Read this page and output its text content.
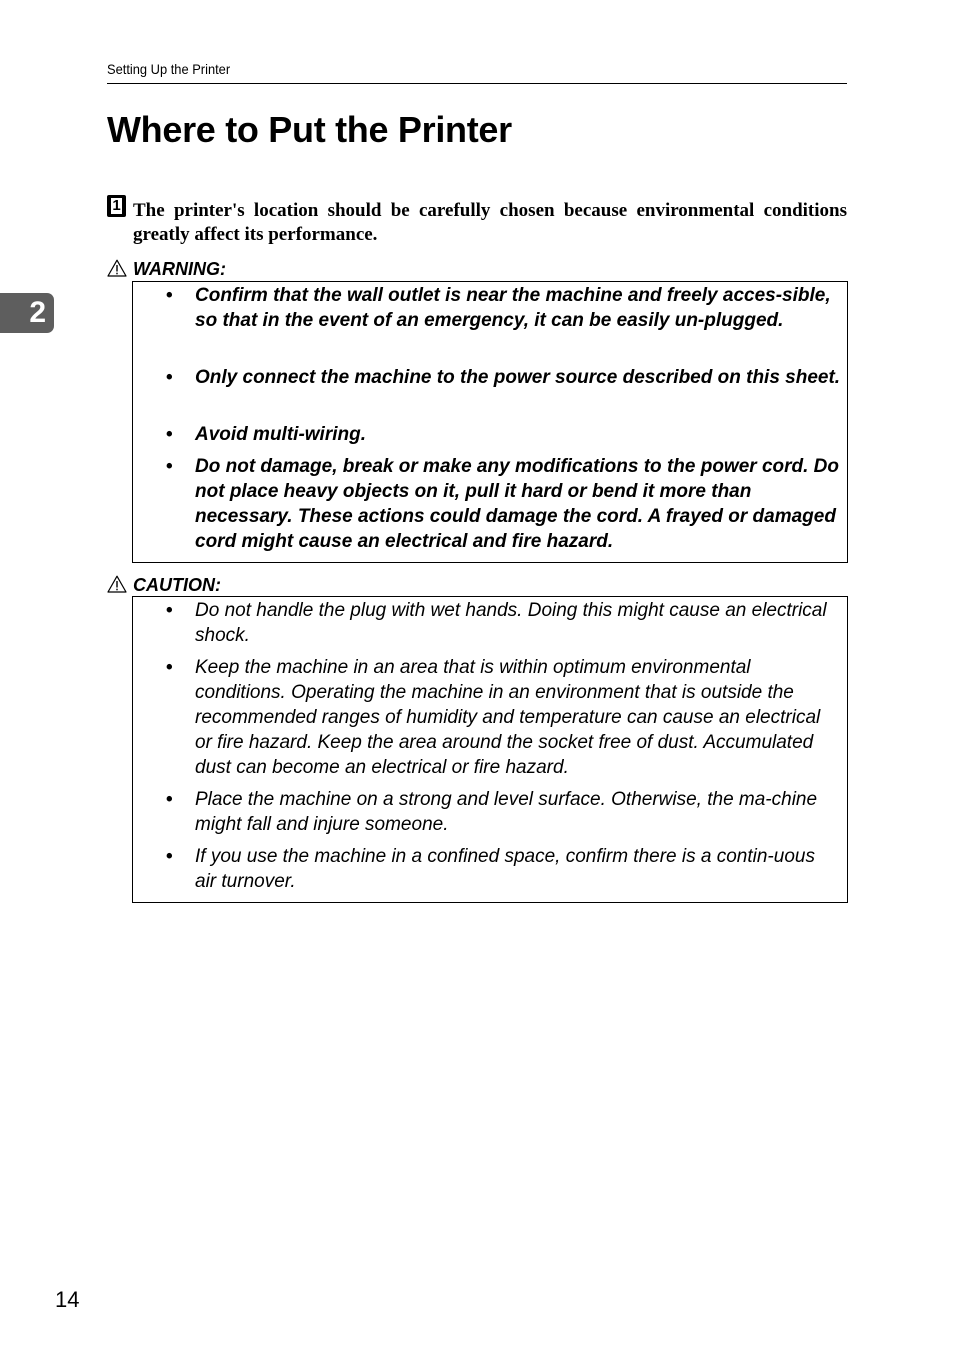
Setting Up the Printer
2
Where to Put the Printer
1 The printer's location should be carefully chosen because environmental conditions greatly affect its performance.

WARNING:
• Confirm that the wall outlet is near the machine and freely acces-sible, so that in the event of an emergency, it can be easily un-plugged.
• Only connect the machine to the power source described on this sheet.
• Avoid multi-wiring.
• Do not damage, break or make any modifications to the power cord. Do not place heavy objects on it, pull it hard or bend it more than necessary. These actions could damage the cord. A frayed or damaged cord might cause an electrical and fire hazard.
CAUTION:
• Do not handle the plug with wet hands. Doing this might cause an electrical shock.
• Keep the machine in an area that is within optimum environmental conditions. Operating the machine in an environment that is outside the recommended ranges of humidity and temperature can cause an electrical or fire hazard. Keep the area around the socket free of dust. Accumulated dust can become an electrical or fire hazard.
• Place the machine on a strong and level surface. Otherwise, the ma-chine might fall and injure someone.
• If you use the machine in a confined space, confirm there is a contin-uous air turnover.
14
